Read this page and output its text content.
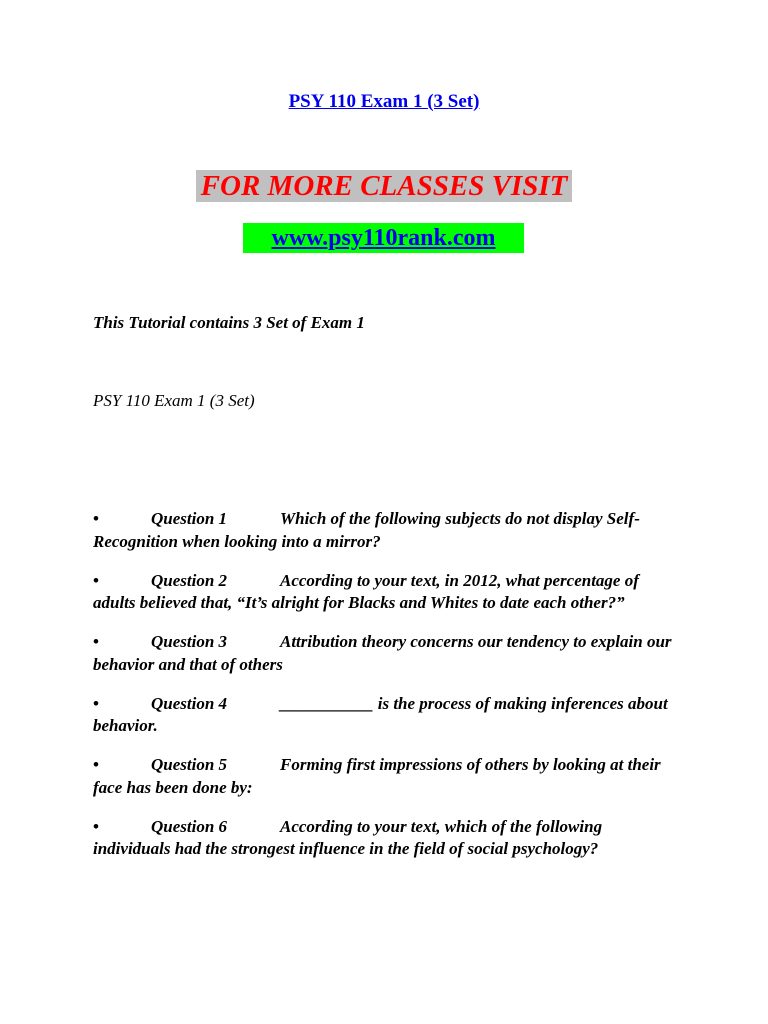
PSY 110 Exam 1 (3 Set)
FOR MORE CLASSES VISIT
www.psy110rank.com
This Tutorial contains 3 Set of Exam 1
PSY 110 Exam 1 (3 Set)
•	Question 1	Which of the following subjects do not display Self-Recognition when looking into a mirror?
•	Question 2	According to your text, in 2012, what percentage of adults believed that, “It’s alright for Blacks and Whites to date each other?”
•	Question 3	Attribution theory concerns our tendency to explain our behavior and that of others
•	Question 4	___________ is the process of making inferences about behavior.
•	Question 5	Forming first impressions of others by looking at their face has been done by:
•	Question 6	According to your text, which of the following individuals had the strongest influence in the field of social psychology?
